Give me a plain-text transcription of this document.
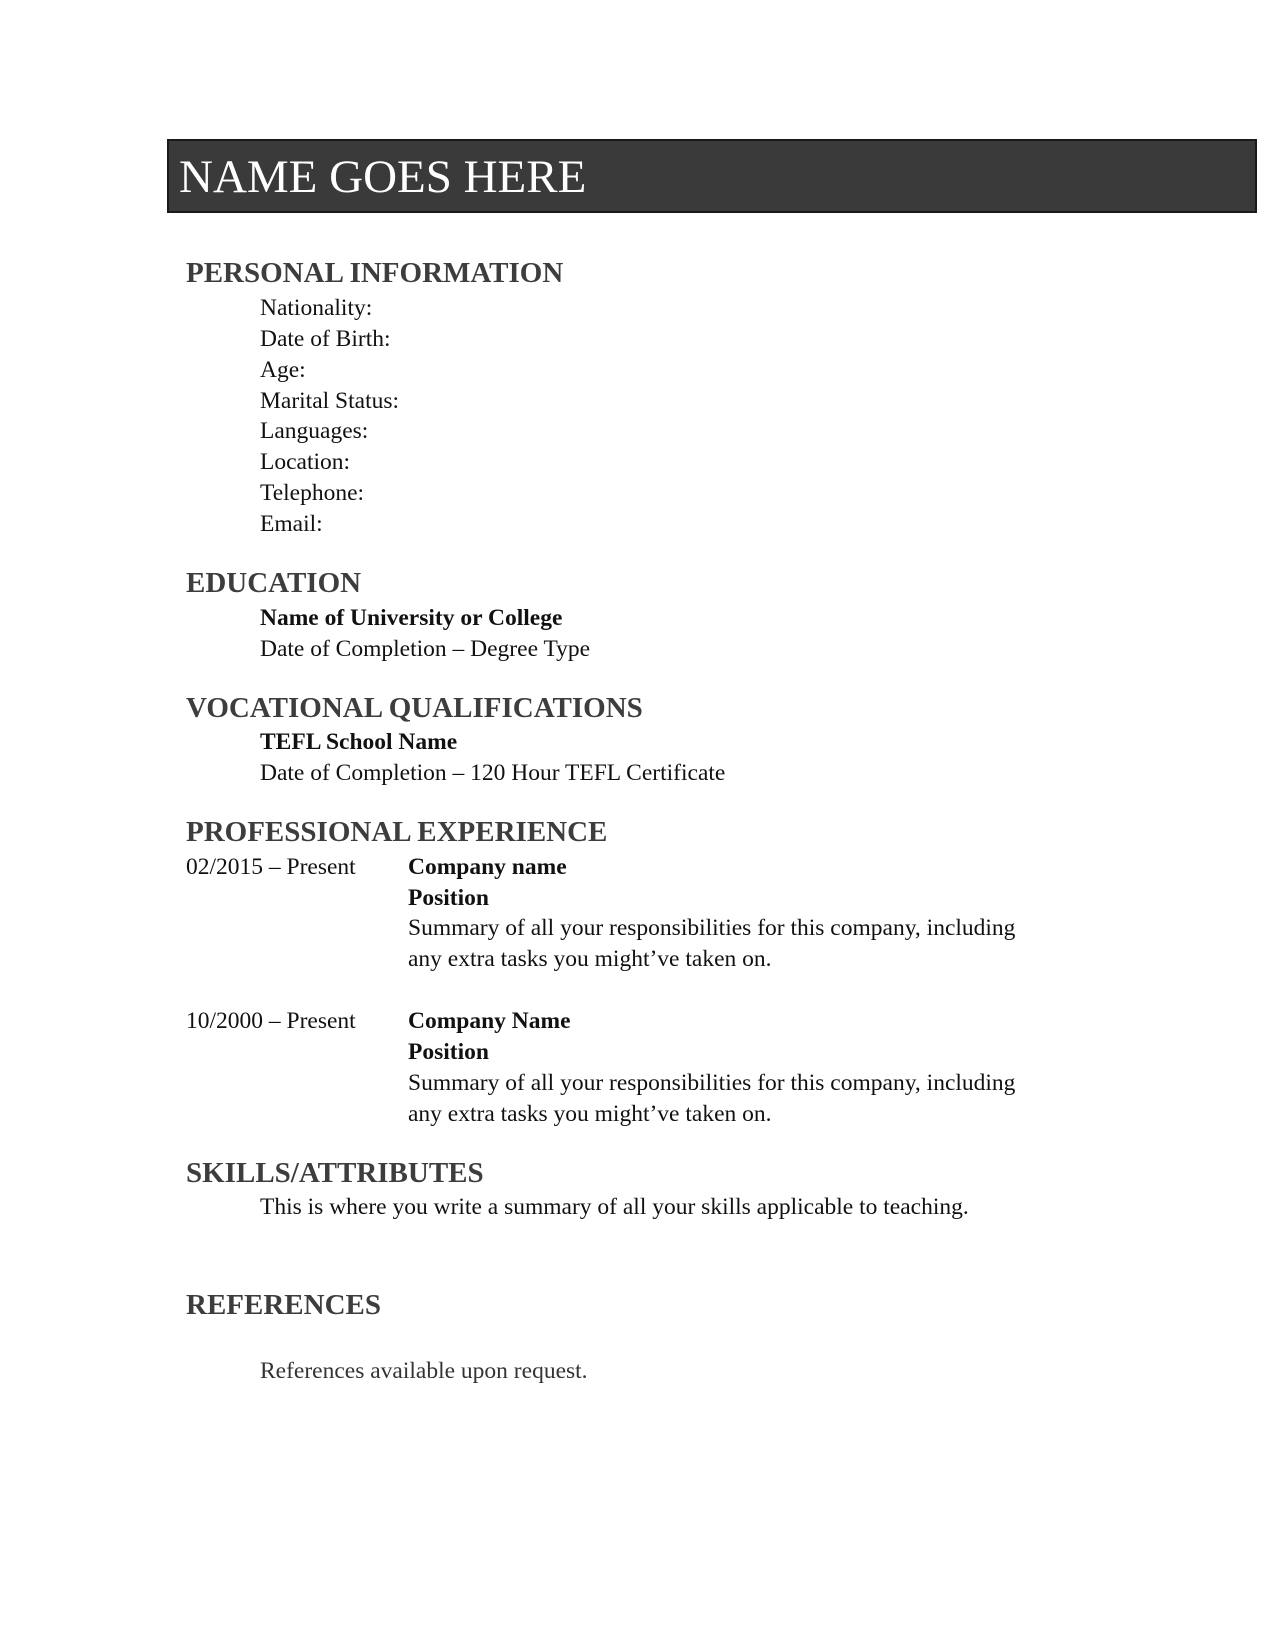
NAME GOES HERE
PERSONAL INFORMATION
Nationality:
Date of Birth:
Age:
Marital Status:
Languages:
Location:
Telephone:
Email:
EDUCATION
Name of University or College
Date of Completion – Degree Type
VOCATIONAL QUALIFICATIONS
TEFL School Name
Date of Completion – 120 Hour TEFL Certificate
PROFESSIONAL EXPERIENCE
02/2015 – Present Company name
Position
Summary of all your responsibilities for this company, including
any extra tasks you might’ve taken on.
10/2000 – Present Company Name
Position
Summary of all your responsibilities for this company, including
any extra tasks you might’ve taken on.
SKILLS/ATTRIBUTES
This is where you write a summary of all your skills applicable to teaching.
REFERENCES
References available upon request.
